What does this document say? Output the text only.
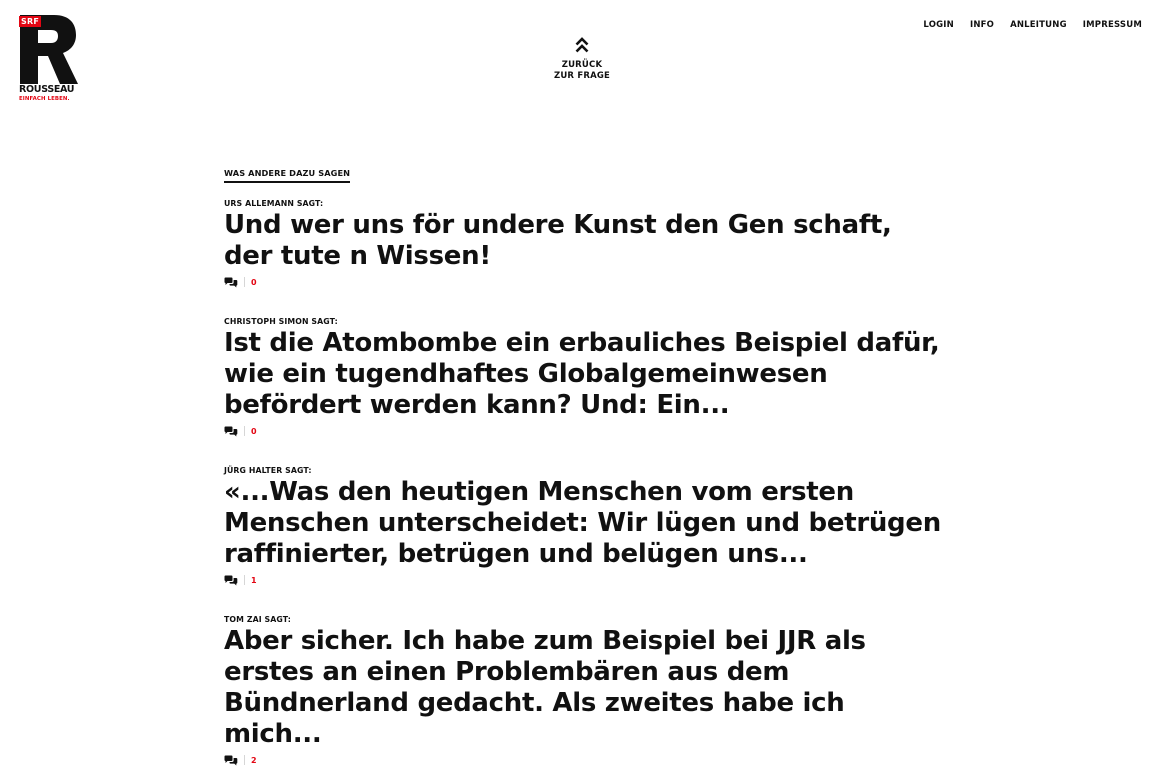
SRF
ROUSSEAU
EINFACH LEBEN.
ZURÜCK
ZUR FRAGE
LOGIN INFO ANLEITUNG IMPRESSUM
WAS ANDERE DAZU SAGEN
URS ALLEMANN SAGT:
Und wer uns för undere Kunst den Gen schaft, der tute n Wissen!
0
CHRISTOPH SIMON SAGT:
Ist die Atombombe ein erbauliches Beispiel dafür, wie ein tugendhaftes Globalgemeinwesen befördert werden kann? Und: Ein...
0
JÜRG HALTER SAGT:
«...Was den heutigen Menschen vom ersten Menschen unterscheidet: Wir lügen und betrügen raffinierter, betrügen und belügen uns...
1
TOM ZAI SAGT:
Aber sicher. Ich habe zum Beispiel bei JJR als erstes an einen Problembären aus dem Bündnerland gedacht. Als zweites habe ich mich...
2
